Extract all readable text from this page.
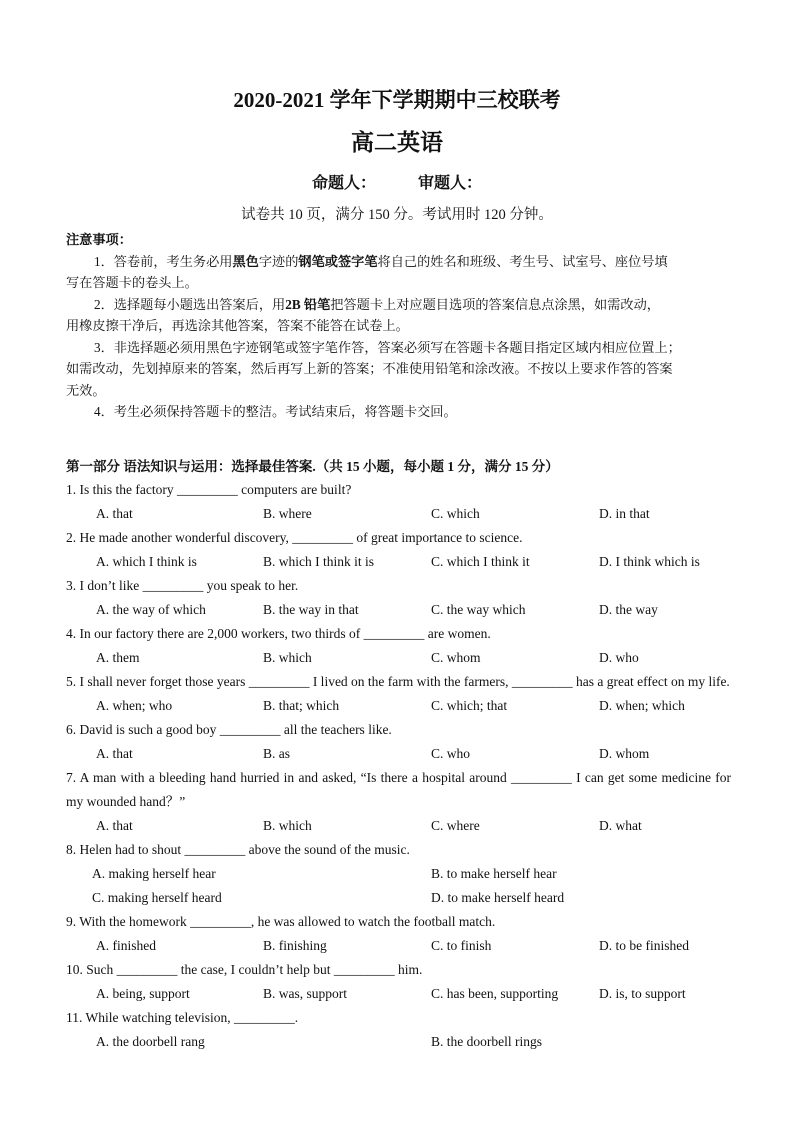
2020-2021 学年下学期期中三校联考
高二英语
命题人：	审题人：
试卷共 10 页，满分 150 分。考试用时 120 分钟。

注意事项：

1．答卷前，考生务必用黑色字迹的钢笔或签字笔将自己的姓名和班级、考生号、试室号、座位号填

写在答题卡的卷头上。

2．选择题每小题选出答案后，用2B 铅笔把答题卡上对应题目选项的答案信息点涂黑，如需改动，

用橡皮擦干净后，再选涂其他答案，答案不能答在试卷上。

3．非选择题必须用黑色字迹钢笔或签字笔作答，答案必须写在答题卡各题目指定区域内相应位置上；

如需改动，先划掉原来的答案，然后再写上新的答案；不准使用铅笔和涂改液。不按以上要求作答的答案

无效。

4．考生必须保持答题卡的整洁。考试结束后，将答题卡交回。

第一部分 语法知识与运用：选择最佳答案.（共 15 小题，每小题 1 分，满分 15 分）
1. Is this the factory _________ computers are built?
A. that	B. where	C. which	D. in that
2. He made another wonderful discovery, _________ of great importance to science.
A. which I think is	B. which I think it is	C. which I think it	D. I think which is
3. I don’t like _________ you speak to her.
A. the way of which	B. the way in that	C. the way which	D. the way
4. In our factory there are 2,000 workers, two thirds of _________ are women.
A. them	B. which	C. whom	D. who
5. I shall never forget those years _________ I lived on the farm with the farmers, _________ has a great effect on my life.
A. when; who	B. that; which	C. which; that	D. when; which
6. David is such a good boy _________ all the teachers like.
A. that	B. as	C. who	D. whom
7. A man with a bleeding hand hurried in and asked, “Is there a hospital around _________ I can get some medicine for my wounded hand？”
A. that	B. which	C. where	D. what
8. Helen had to shout _________ above the sound of the music.
A. making herself hear	B. to make herself hear
C. making herself heard	D. to make herself heard
9. With the homework _________, he was allowed to watch the football match.
A. finished	B. finishing	C. to finish	D. to be finished
10. Such _________ the case, I couldn’t help but _________ him.
A. being, support	B. was, support	C. has been, supporting	D. is, to support
11. While watching television, _________.
A. the doorbell rang	B. the doorbell rings
